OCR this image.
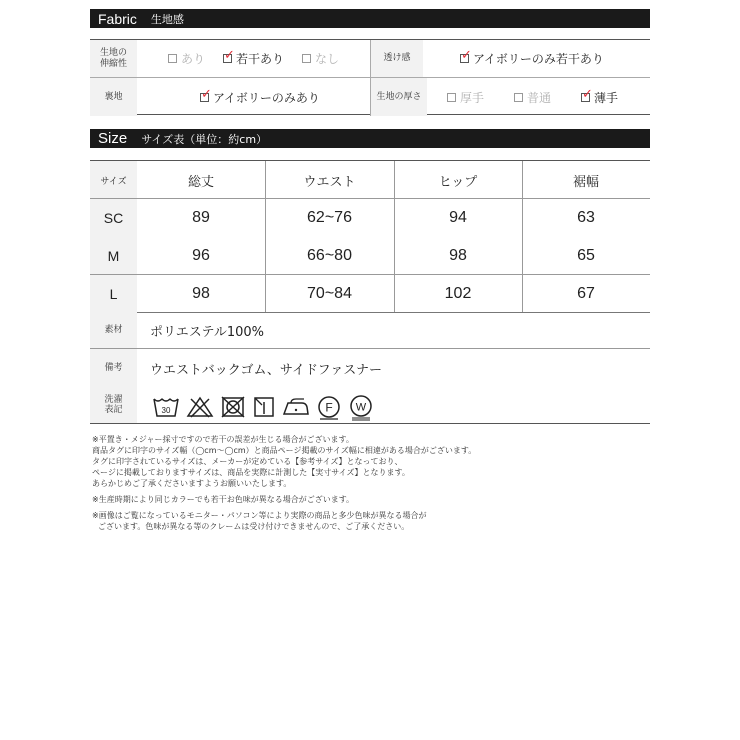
Fabric 生地感
生地の
伸縮性	あり ✓ 若干あり	なし	透け感	✓ アイボリーのみ若干あり
裏地	✓ アイボリーのみあり	生地の厚さ	厚手	普通 ✓ 薄手
Size サイズ表（単位：約cm）
サイズ	総丈	ウエスト	ヒップ	裾幅
SC	89	62~76	94	63
M	96	66~80	98	65
L	98	70~84	102	67
素材	ポリエステル100%
備考	ウエストバックゴム、サイドファスナー
洗濯
表記	30	F W

※平置き・メジャー採寸ですので若干の誤差が生じる場合がございます。

商品タグに印字のサイズ幅（◯cm〜◯cm）と商品ページ掲載のサイズ幅に相違がある場合がございます。

タグに印字されているサイズは、メーカーが定めている【参考サイズ】となっており、

ページに掲載しておりますサイズは、商品を実際に計測した【実寸サイズ】となります。

あらかじめご了承くださいますようお願いいたします。

※生産時期により同じカラーでも若干お色味が異なる場合がございます。

※画像はご覧になっているモニター・パソコン等により実際の商品と多少色味が異なる場合が

ございます。色味が異なる等のクレームは受け付けできませんので、ご了承ください。
